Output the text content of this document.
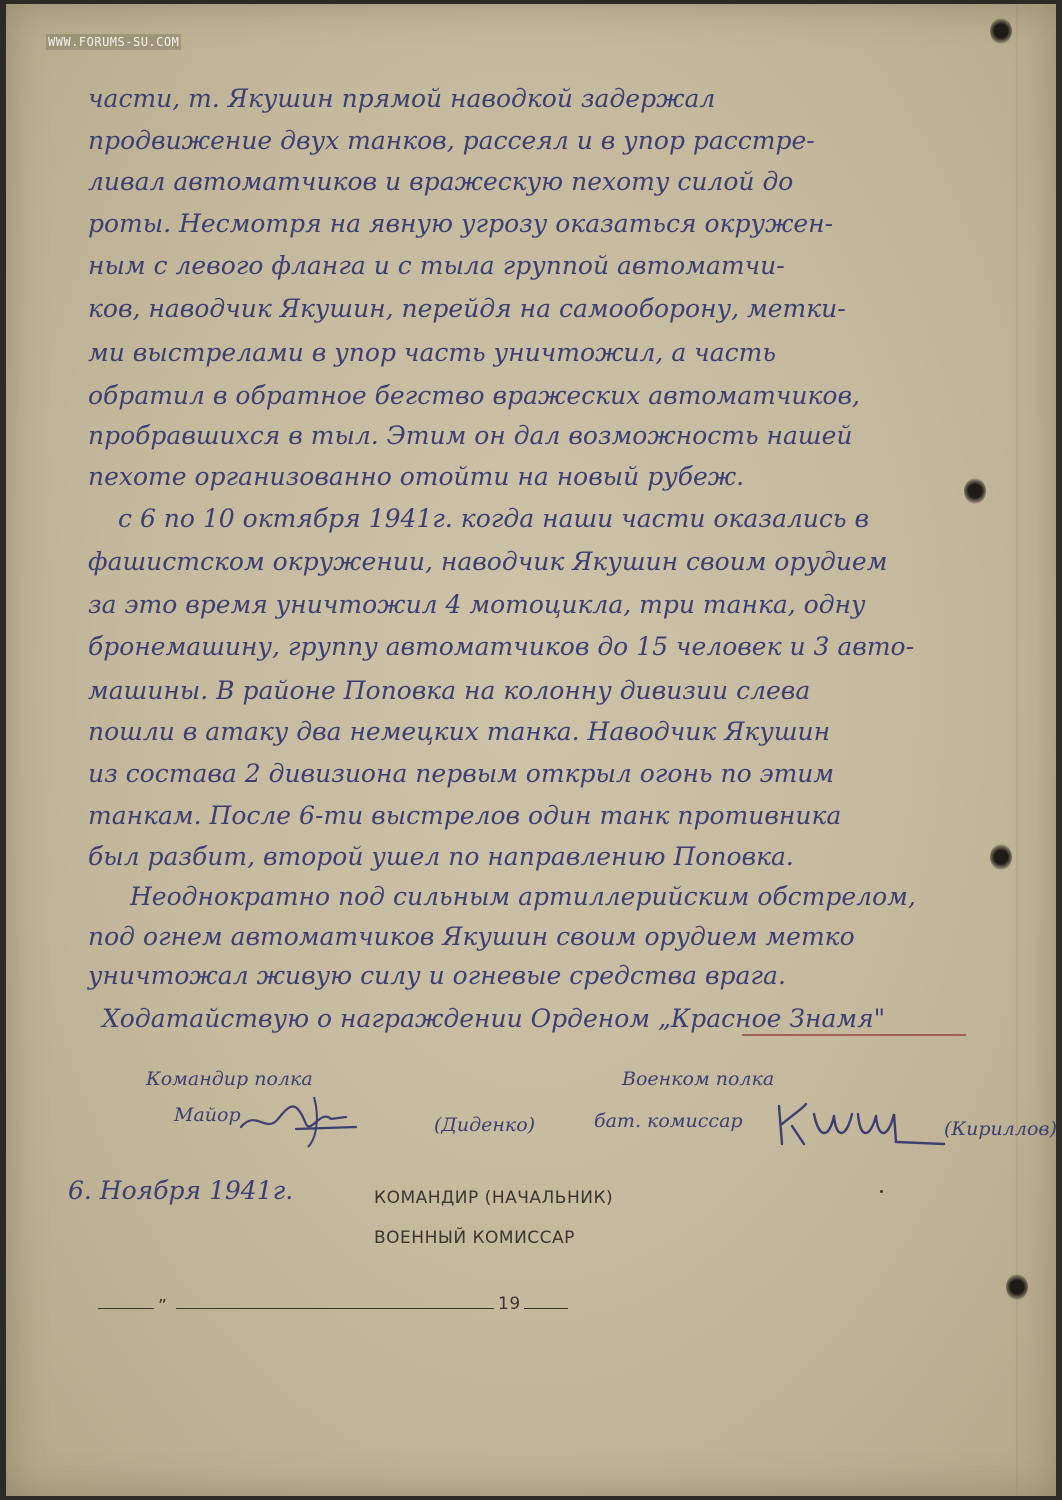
WWW.FORUMS-SU.COM
части, т. Якушин прямой наводкой задержал
продвижение двух танков, рассеял и в упор расстре-
ливал автоматчиков и вражескую пехоту силой до
роты. Несмотря на явную угрозу оказаться окружен-
ным с левого фланга и с тыла группой автоматчи-
ков, наводчик Якушин, перейдя на самооборону, метки-
ми выстрелами в упор часть уничтожил, а часть
обратил в обратное бегство вражеских автоматчиков,
пробравшихся в тыл. Этим он дал возможность нашей
пехоте организованно отойти на новый рубеж.
с 6 по 10 октября 1941г. когда наши части оказались в
фашистском окружении, наводчик Якушин своим орудием
за это время уничтожил 4 мотоцикла, три танка, одну
бронемашину, группу автоматчиков до 15 человек и 3 авто-
машины. В районе Поповка на колонну дивизии слева
пошли в атаку два немецких танка. Наводчик Якушин
из состава 2 дивизиона первым открыл огонь по этим
танкам. После 6-ти выстрелов один танк противника
был разбит, второй ушел по направлению Поповка.
Неоднократно под сильным артиллерийским обстрелом,
под огнем автоматчиков Якушин своим орудием метко
уничтожал живую силу и огневые средства врага.
Ходатайствую о награждении Орденом „Красное Знамя"
Командир полка
Майор	(Диденко)
Военком полка
бат. комиссар	(Кириллов)
6. Ноября 1941г.	КОМАНДИР (НАЧАЛЬНИК)
ВОЕННЫЙ КОМИССАР
„	19
